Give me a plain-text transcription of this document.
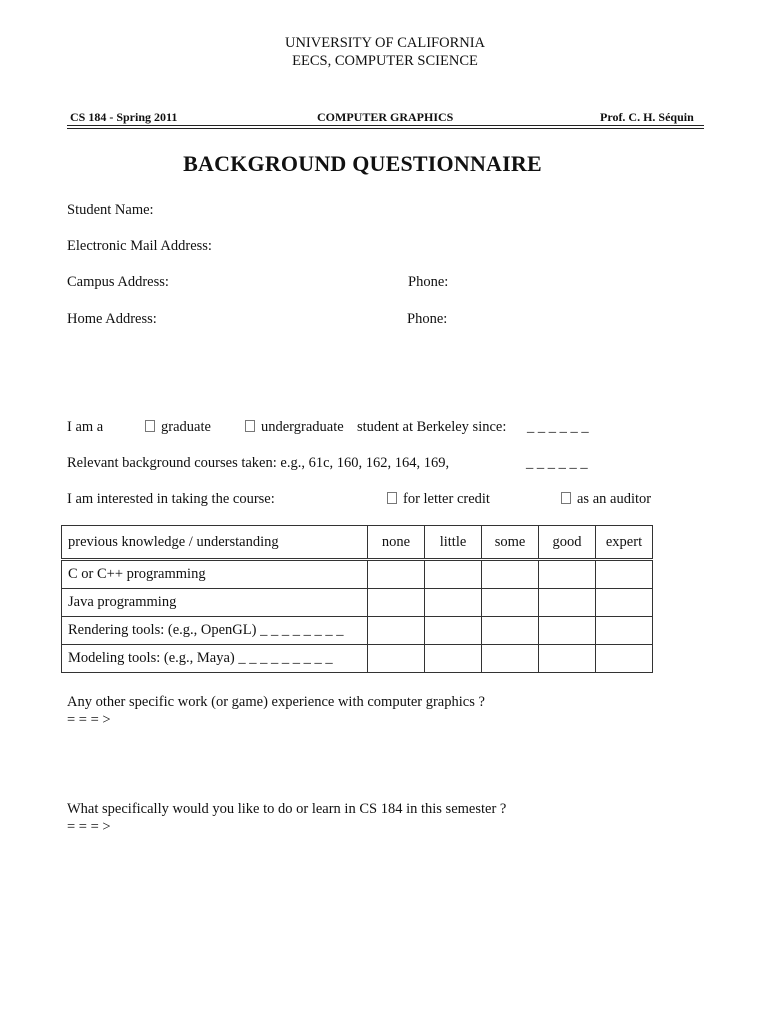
UNIVERSITY OF CALIFORNIA
EECS, COMPUTER SCIENCE
CS 184 - Spring 2011	COMPUTER GRAPHICS	Prof. C. H. Séquin
BACKGROUND QUESTIONNAIRE
Student Name:
Electronic Mail Address:
Campus Address:	Phone:
Home Address:	Phone:
I am a	graduate	undergraduate student at Berkeley since: _ _ _ _ _ _
Relevant background courses taken: e.g., 61c, 160, 162, 164, 169,	_ _ _ _ _ _
I am interested in taking the course:	for letter credit	as an auditor
previous knowledge / understanding	none	little	some	good	expert
C or C++ programming					
Java programming					
Rendering tools: (e.g., OpenGL) _ _ _ _ _ _ _ _					
Modeling tools: (e.g., Maya) _ _ _ _ _ _ _ _ _					
Any other specific work (or game) experience with computer graphics ?
= = = >
What specifically would you like to do or learn in CS 184 in this semester ?
= = = >
